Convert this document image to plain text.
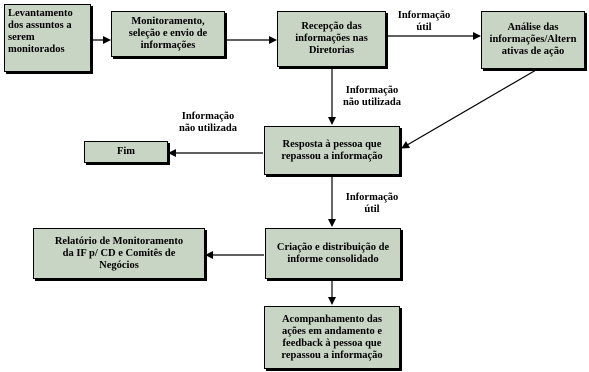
Levantamento
dos assuntos a
serem
monitorados
Monitoramento,
seleção e envio de
informações
Recepção das
informações nas
Diretorias
Análise das
informações/Altern
ativas de ação
Resposta à pessoa que
repassou a informação
Fim
Criação e distribuição de
informe consolidado
Relatório de Monitoramento
da IF p/ CD e Comitês de
Negócios
Acompanhamento das
ações em andamento e
feedback à pessoa que
repassou a informação
Informação
útil
Informação
não utilizada
Informação
não utilizada
Informação
útil
